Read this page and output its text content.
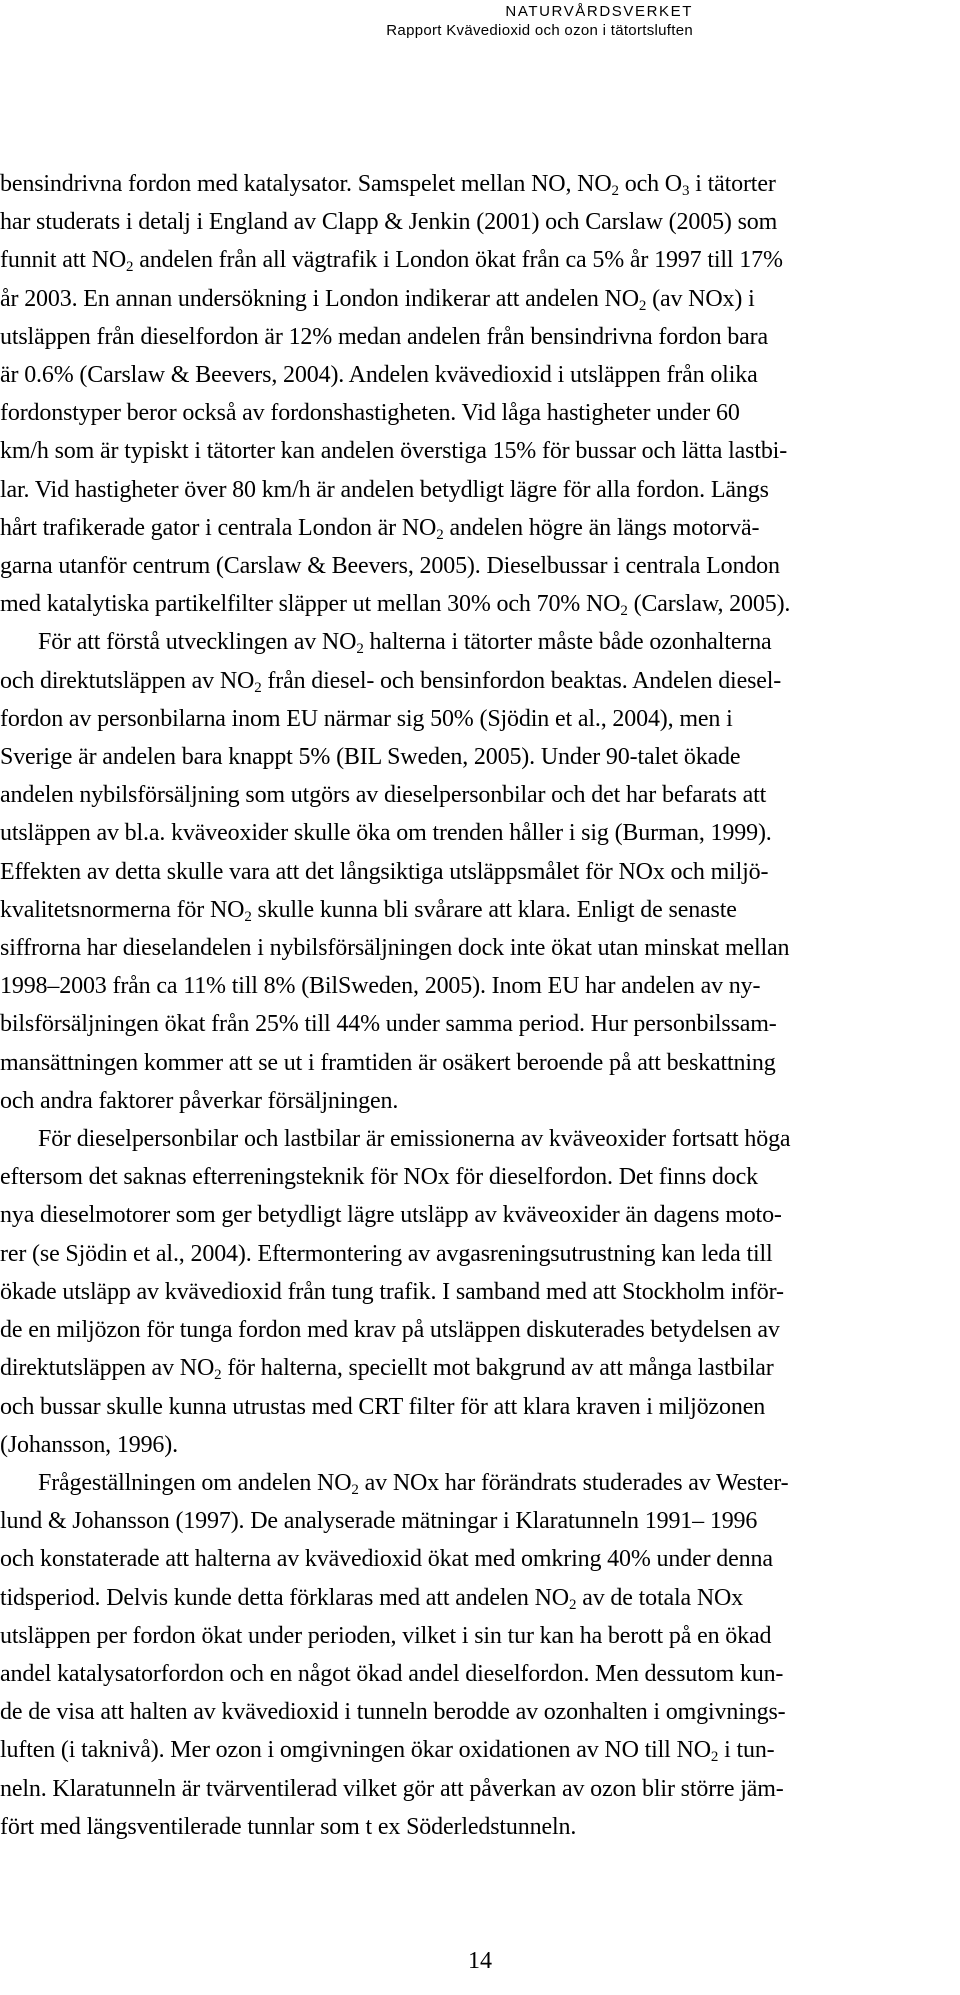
NATURVÅRDSVERKET
Rapport Kvävedioxid och ozon i tätortsluften

bensindrivna fordon med katalysator. Samspelet mellan NO, $NO_2$ och $O_3$ i tätorter
har studerats i detalj i England av Clapp & Jenkin (2001) och Carslaw (2005) som
funnit att $NO_2$ andelen från all vägtrafik i London ökat från ca 5% år 1997 till 17%
år 2003. En annan undersökning i London indikerar att andelen $NO_2$ (av NOx) i
utsläppen från dieselfordon är 12% medan andelen från bensindrivna fordon bara
är 0.6% (Carslaw & Beevers, 2004). Andelen kvävedioxid i utsläppen från olika
fordonstyper beror också av fordonshastigheten. Vid låga hastigheter under 60
km/h som är typiskt i tätorter kan andelen överstiga 15% för bussar och lätta lastbi-
lar. Vid hastigheter över 80 km/h är andelen betydligt lägre för alla fordon. Längs
hårt trafikerade gator i centrala London är $NO_2$ andelen högre än längs motorvä-
garna utanför centrum (Carslaw & Beevers, 2005). Dieselbussar i centrala London
med katalytiska partikelfilter släpper ut mellan 30% och 70% $NO_2$ (Carslaw, 2005).

För att förstå utvecklingen av $NO_2$ halterna i tätorter måste både ozonhalterna
och direktutsläppen av $NO_2$ från diesel- och bensinfordon beaktas. Andelen diesel-
fordon av personbilarna inom EU närmar sig 50% (Sjödin et al., 2004), men i
Sverige är andelen bara knappt 5% (BIL Sweden, 2005). Under 90-talet ökade
andelen nybilsförsäljning som utgörs av dieselpersonbilar och det har befarats att
utsläppen av bl.a. kväveoxider skulle öka om trenden håller i sig (Burman, 1999).
Effekten av detta skulle vara att det långsiktiga utsläppsmålet för NOx och miljö-
kvalitetsnormerna för $NO_2$ skulle kunna bli svårare att klara. Enligt de senaste
siffrorna har dieselandelen i nybilsförsäljningen dock inte ökat utan minskat mellan
1998–2003 från ca 11% till 8% (BilSweden, 2005). Inom EU har andelen av ny-
bilsförsäljningen ökat från 25% till 44% under samma period. Hur personbilssam-
mansättningen kommer att se ut i framtiden är osäkert beroende på att beskattning
och andra faktorer påverkar försäljningen.

För dieselpersonbilar och lastbilar är emissionerna av kväveoxider fortsatt höga
eftersom det saknas efterreningsteknik för NOx för dieselfordon. Det finns dock
nya dieselmotorer som ger betydligt lägre utsläpp av kväveoxider än dagens moto-
rer (se Sjödin et al., 2004). Eftermontering av avgasreningsutrustning kan leda till
ökade utsläpp av kvävedioxid från tung trafik. I samband med att Stockholm inför-
de en miljözon för tunga fordon med krav på utsläppen diskuterades betydelsen av
direktutsläppen av $NO_2$ för halterna, speciellt mot bakgrund av att många lastbilar
och bussar skulle kunna utrustas med CRT filter för att klara kraven i miljözonen
(Johansson, 1996).

Frågeställningen om andelen $NO_2$ av NOx har förändrats studerades av Wester-
lund & Johansson (1997). De analyserade mätningar i Klaratunneln 1991– 1996
och konstaterade att halterna av kvävedioxid ökat med omkring 40% under denna
tidsperiod. Delvis kunde detta förklaras med att andelen $NO_2$ av de totala NOx
utsläppen per fordon ökat under perioden, vilket i sin tur kan ha berott på en ökad
andel katalysatorfordon och en något ökad andel dieselfordon. Men dessutom kun-
de de visa att halten av kvävedioxid i tunneln berodde av ozonhalten i omgivnings-
luften (i taknivå). Mer ozon i omgivningen ökar oxidationen av NO till $NO_2$ i tun-
neln. Klaratunneln är tvärventilerad vilket gör att påverkan av ozon blir större jäm-
fört med längsventilerade tunnlar som t ex Söderledstunneln.

14
